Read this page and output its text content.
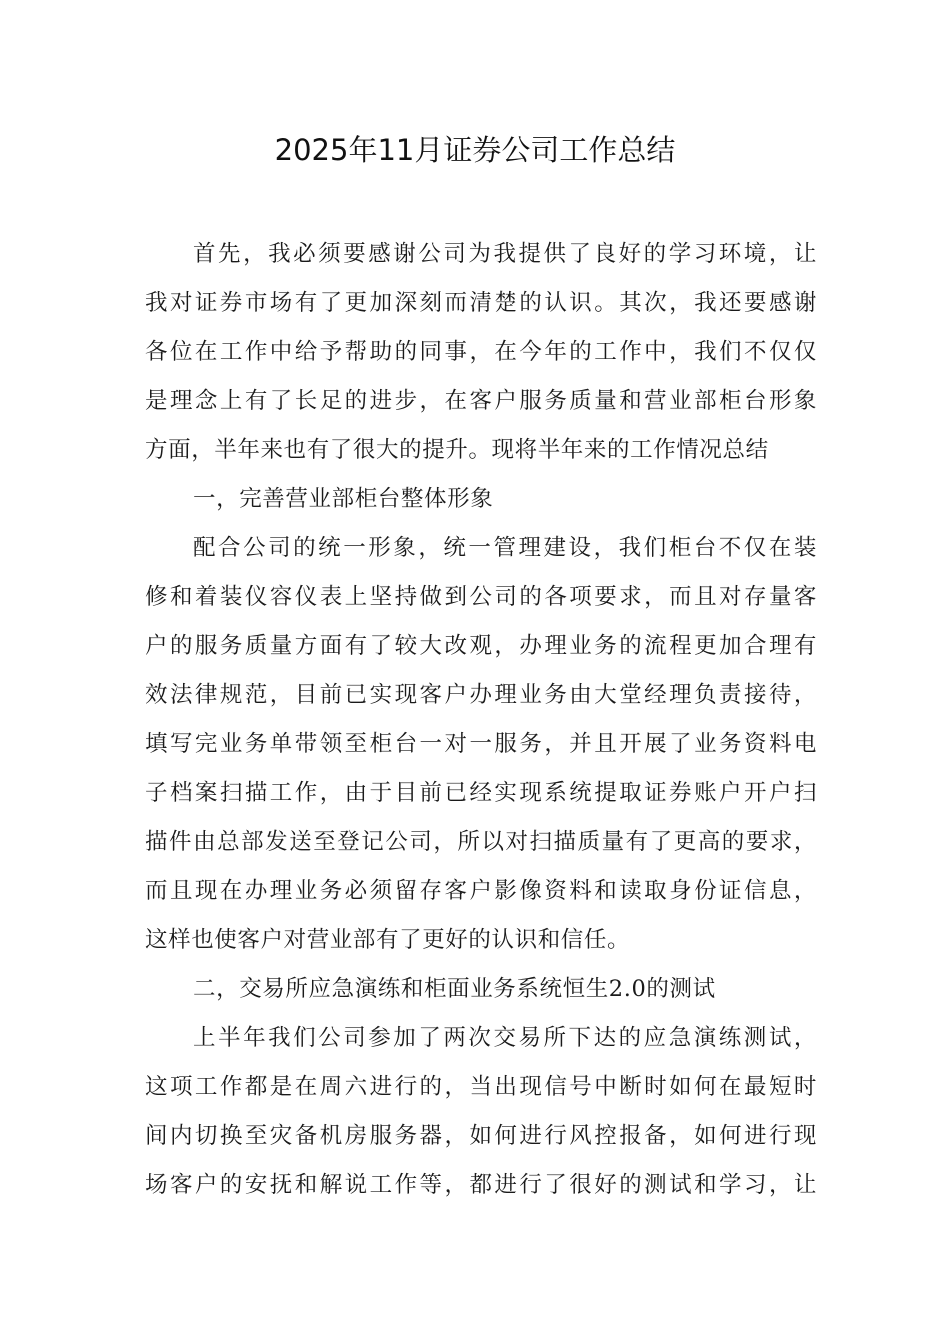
2025年11月证券公司工作总结
首先，我必须要感谢公司为我提供了良好的学习环境，让
我对证券市场有了更加深刻而清楚的认识。其次，我还要感谢
各位在工作中给予帮助的同事，在今年的工作中，我们不仅仅
是理念上有了长足的进步，在客户服务质量和营业部柜台形象
方面，半年来也有了很大的提升。现将半年来的工作情况总结
一，完善营业部柜台整体形象
配合公司的统一形象，统一管理建设，我们柜台不仅在装
修和着装仪容仪表上坚持做到公司的各项要求，而且对存量客
户的服务质量方面有了较大改观，办理业务的流程更加合理有
效法律规范，目前已实现客户办理业务由大堂经理负责接待，
填写完业务单带领至柜台一对一服务，并且开展了业务资料电
子档案扫描工作，由于目前已经实现系统提取证券账户开户扫
描件由总部发送至登记公司，所以对扫描质量有了更高的要求，
而且现在办理业务必须留存客户影像资料和读取身份证信息，
这样也使客户对营业部有了更好的认识和信任。
二，交易所应急演练和柜面业务系统恒生2.0的测试
上半年我们公司参加了两次交易所下达的应急演练测试，
这项工作都是在周六进行的，当出现信号中断时如何在最短时
间内切换至灾备机房服务器，如何进行风控报备，如何进行现
场客户的安抚和解说工作等，都进行了很好的测试和学习，让
